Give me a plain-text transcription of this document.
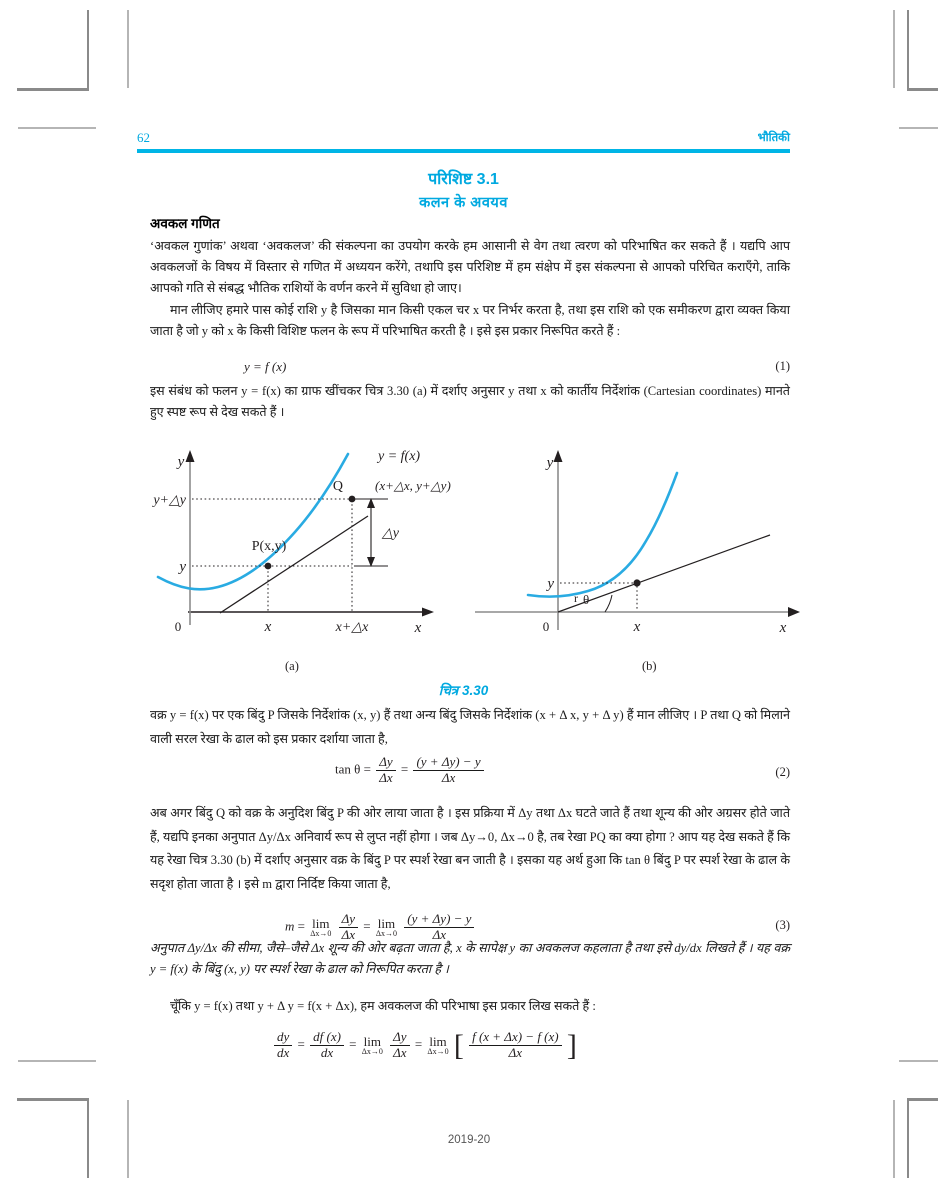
62	भौतिकी
परिशिष्ट 3.1
कलन के अवयव
अवकल गणित
‘अवकल गुणांक’ अथवा ‘अवकलज’ की संकल्पना का उपयोग करके हम आसानी से वेग तथा त्वरण को परिभाषित कर सकते हैं । यद्यपि आप अवकलजों के विषय में विस्तार से गणित में अध्ययन करेंगे, तथापि इस परिशिष्ट में हम संक्षेप में इस संकल्पना से आपको परिचित कराएँगे, ताकि आपको गति से संबद्ध भौतिक राशियों के वर्णन करने में सुविधा हो जाए।
मान लीजिए हमारे पास कोई राशि y है जिसका मान किसी एकल चर x पर निर्भर करता है, तथा इस राशि को एक समीकरण द्वारा व्यक्त किया जाता है जो y को x के किसी विशिष्ट फलन के रूप में परिभाषित करती है । इसे इस प्रकार निरूपित करते हैं :
y = f (x)	(1)
इस संबंध को फलन y = f(x) का ग्राफ खींचकर चित्र 3.30 (a) में दर्शाए अनुसार y तथा x को कार्तीय निर्देशांक (Cartesian coordinates) मानते हुए स्पष्ट रूप से देख सकते हैं ।
y
x
0
y+△y
y
x	x+△x
P(x,y)
Q (x+△x, y+△y)
△y
y = f(x)	y
x
0
y
x
θ
r
(a)	(b)
चित्र 3.30
वक्र y = f(x) पर एक बिंदु P जिसके निर्देशांक (x, y) हैं तथा अन्य बिंदु जिसके निर्देशांक (x + Δ x, y + Δ y) हैं मान लीजिए । P तथा Q को मिलाने वाली सरल रेखा के ढाल को इस प्रकार दर्शाया जाता है,
$\tan \theta = \frac{\Delta y}{\Delta x} = \frac{(y + \Delta y) - y}{\Delta x}$	(2)
अब अगर बिंदु Q को वक्र के अनुदिश बिंदु P की ओर लाया जाता है । इस प्रक्रिया में Δy तथा Δx घटते जाते हैं तथा शून्य की ओर अग्रसर होते जाते हैं, यद्यपि इनका अनुपात Δy/Δx अनिवार्य रूप से लुप्त नहीं होगा । जब Δy→0, Δx→0 है, तब रेखा PQ का क्या होगा ? आप यह देख सकते हैं कि यह रेखा चित्र 3.30 (b) में दर्शाए अनुसार वक्र के बिंदु P पर स्पर्श रेखा बन जाती है । इसका यह अर्थ हुआ कि tan θ बिंदु P पर स्पर्श रेखा के ढाल के सदृश होता जाता है । इसे m द्वारा निर्दिष्ट किया जाता है,
m = lim
Δx→0
$\frac{\Delta y}{\Delta x} = \lim$
Δx→0
$\frac{(y + \Delta y) - y}{\Delta x}$	(3)
अनुपात Δy/Δx की सीमा, जैसे–जैसे Δx शून्य की ओर बढ़ता जाता है, x के सापेक्ष y का अवकलज कहलाता है तथा इसे dy/dx लिखते हैं । यह वक्र y = f(x) के बिंदु (x, y) पर स्पर्श रेखा के ढाल को निरूपित करता है ।
चूँकि y = f(x) तथा y + Δ y = f(x + Δx), हम अवकलज की परिभाषा इस प्रकार लिख सकते हैं :
$\frac{dy}{dx} = \frac{df (x)}{dx} = \lim$
Δx→0
$\frac{\Delta y}{\Delta x} = \lim$
Δx→0 [ $\frac{f (x + \Delta x) - f (x)}{\Delta x}$ ]
2019-20
